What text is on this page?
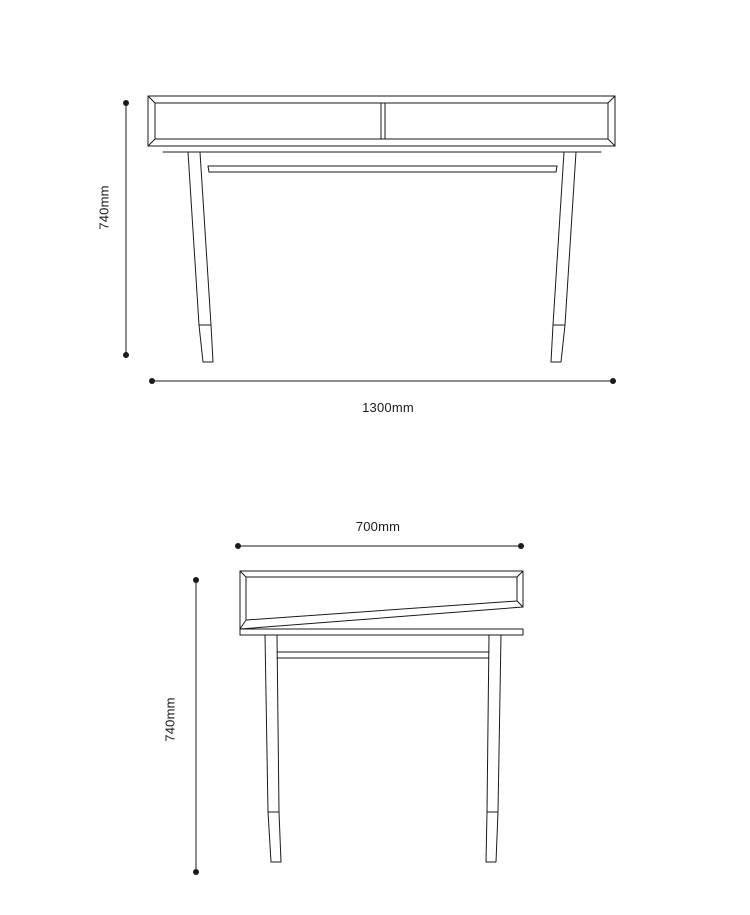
740mm
1300mm
700mm
740mm
